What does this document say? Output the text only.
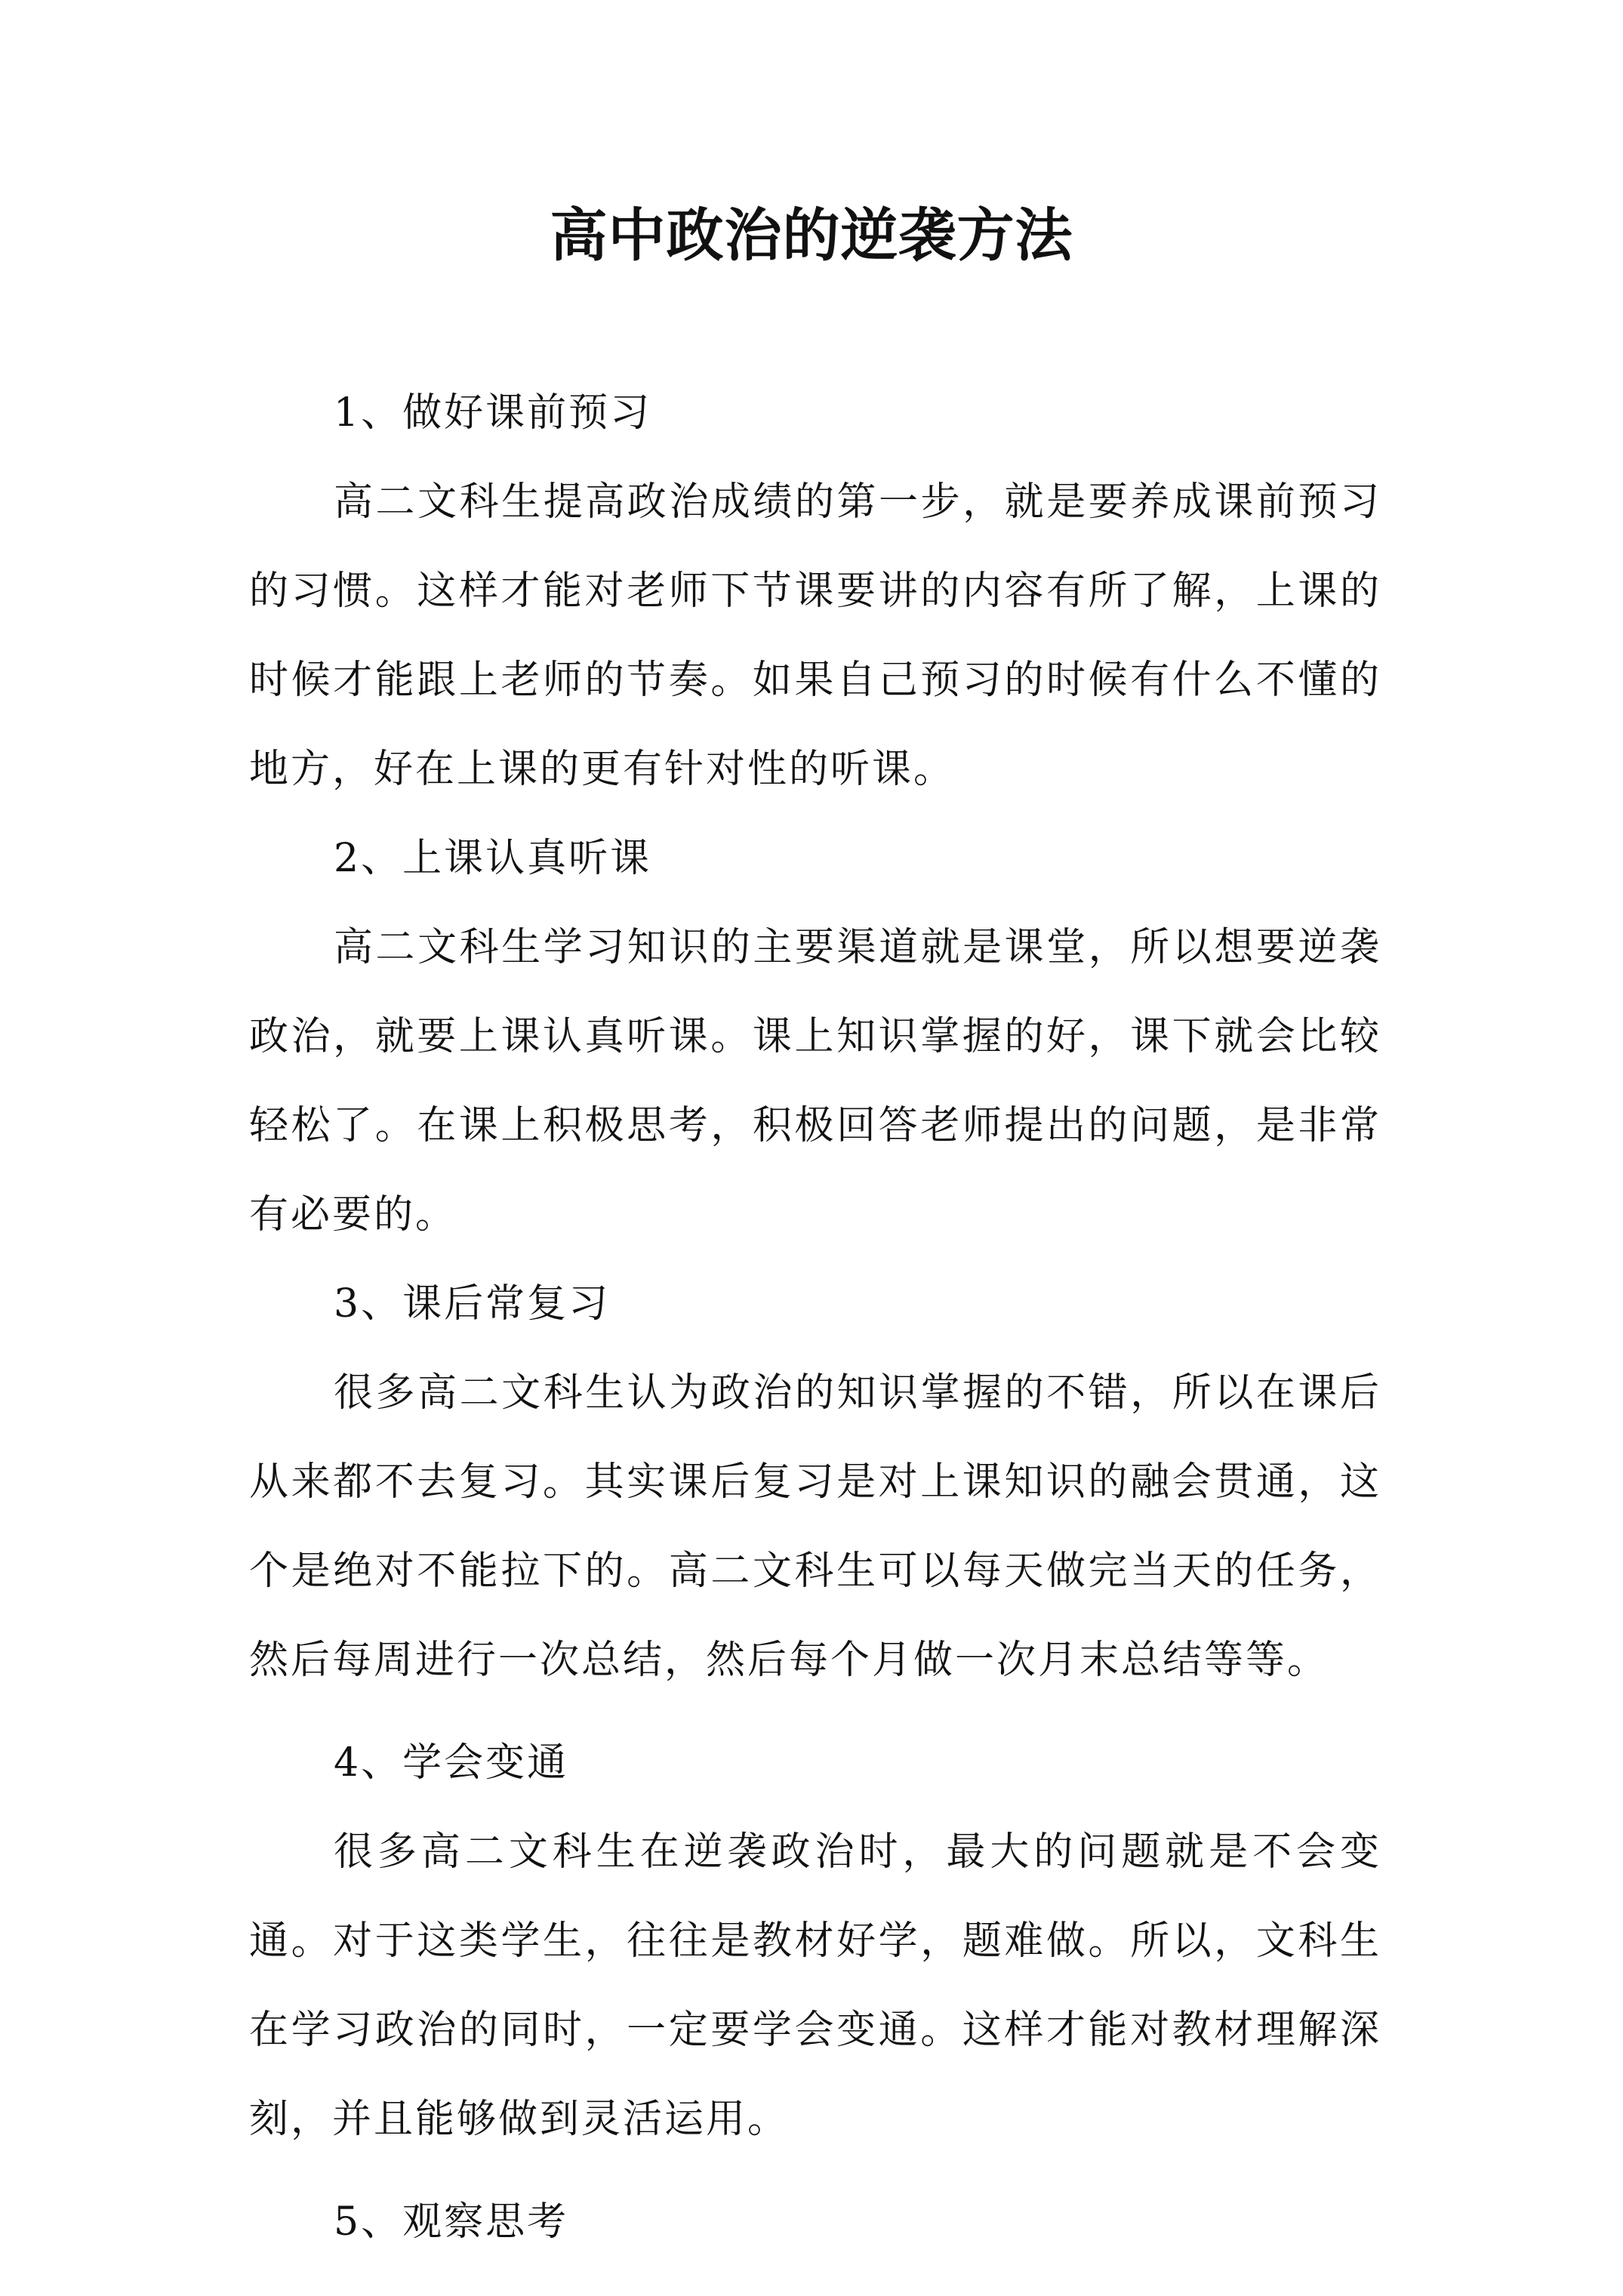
高中政治的逆袭方法

1、做好课前预习

高二文科生提高政治成绩的第一步，就是要养成课前预习的习惯。这样才能对老师下节课要讲的内容有所了解，上课的时候才能跟上老师的节奏。如果自己预习的时候有什么不懂的地方，好在上课的更有针对性的听课。

2、上课认真听课

高二文科生学习知识的主要渠道就是课堂，所以想要逆袭政治，就要上课认真听课。课上知识掌握的好，课下就会比较轻松了。在课上积极思考，积极回答老师提出的问题，是非常有必要的。

3、课后常复习

很多高二文科生认为政治的知识掌握的不错，所以在课后从来都不去复习。其实课后复习是对上课知识的融会贯通，这个是绝对不能拉下的。高二文科生可以每天做完当天的任务，然后每周进行一次总结，然后每个月做一次月末总结等等。

4、学会变通

很多高二文科生在逆袭政治时，最大的问题就是不会变通。对于这类学生，往往是教材好学，题难做。所以，文科生在学习政治的同时，一定要学会变通。这样才能对教材理解深刻，并且能够做到灵活运用。

5、观察思考
